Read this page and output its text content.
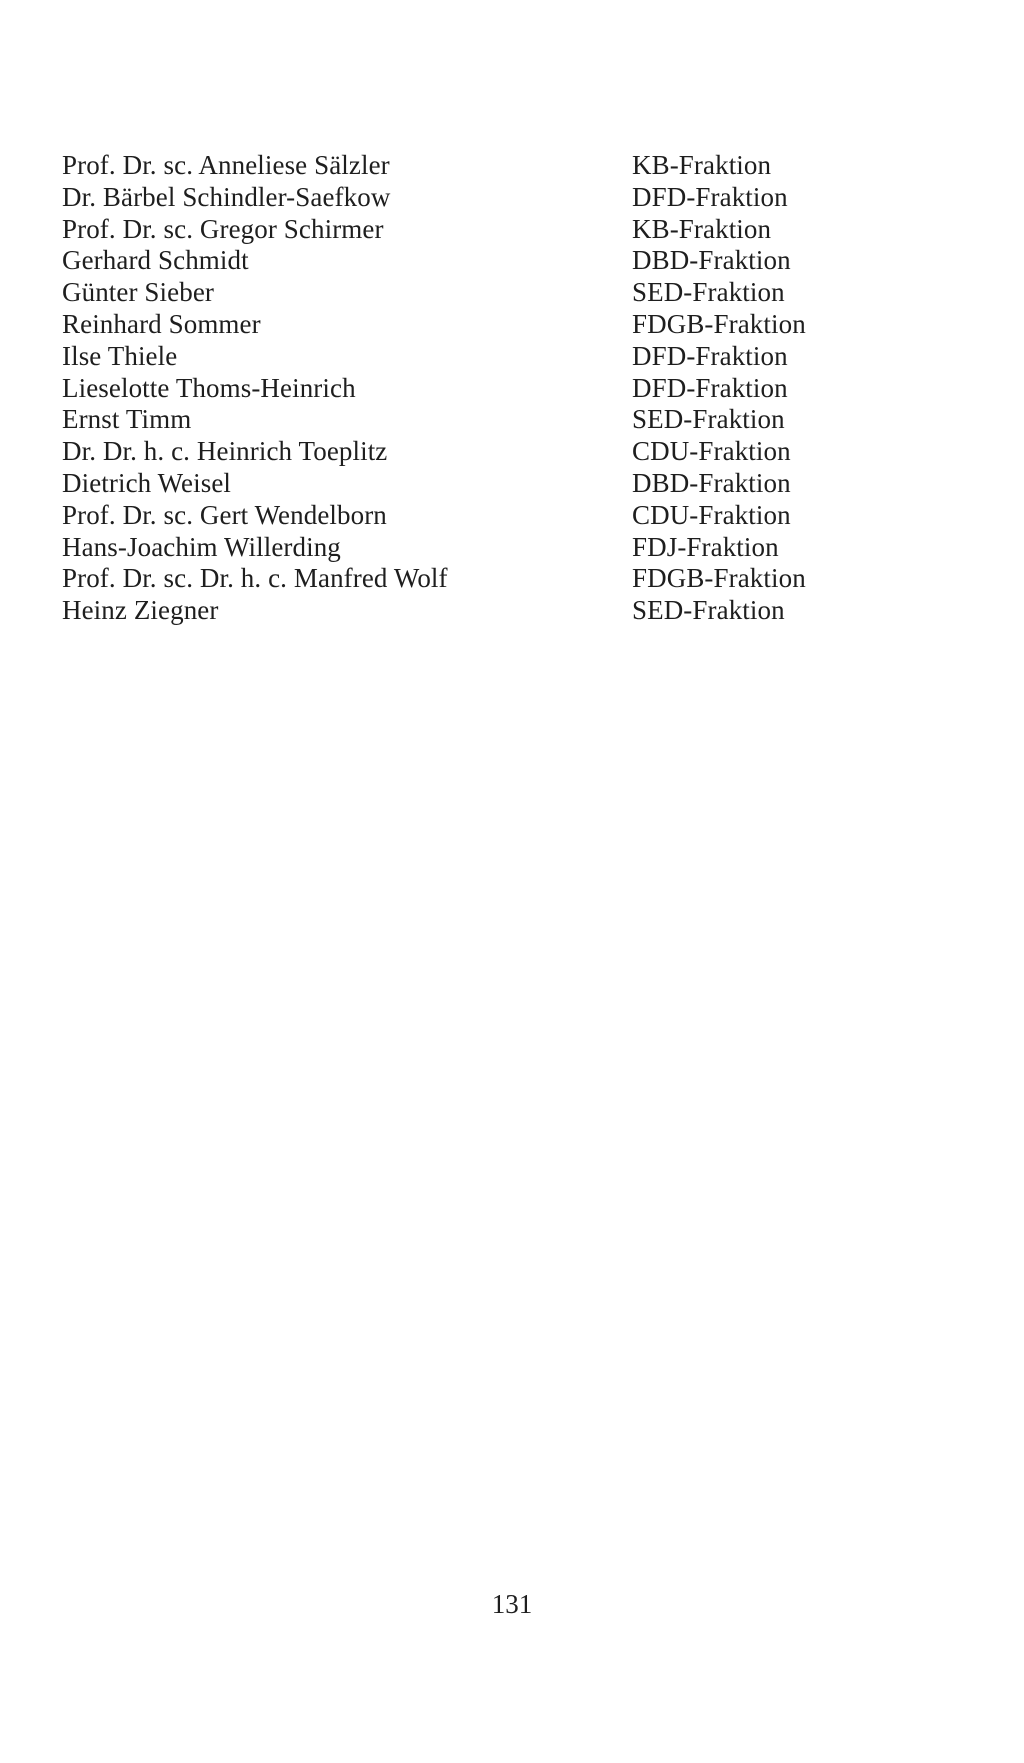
Prof. Dr. sc. Anneliese Sälzler	KB-Fraktion
Dr. Bärbel Schindler-Saefkow	DFD-Fraktion
Prof. Dr. sc. Gregor Schirmer	KB-Fraktion
Gerhard Schmidt	DBD-Fraktion
Günter Sieber	SED-Fraktion
Reinhard Sommer	FDGB-Fraktion
Ilse Thiele	DFD-Fraktion
Lieselotte Thoms-Heinrich	DFD-Fraktion
Ernst Timm	SED-Fraktion
Dr. Dr. h. c. Heinrich Toeplitz	CDU-Fraktion
Dietrich Weisel	DBD-Fraktion
Prof. Dr. sc. Gert Wendelborn	CDU-Fraktion
Hans-Joachim Willerding	FDJ-Fraktion
Prof. Dr. sc. Dr. h. c. Manfred Wolf	FDGB-Fraktion
Heinz Ziegner	SED-Fraktion
131
